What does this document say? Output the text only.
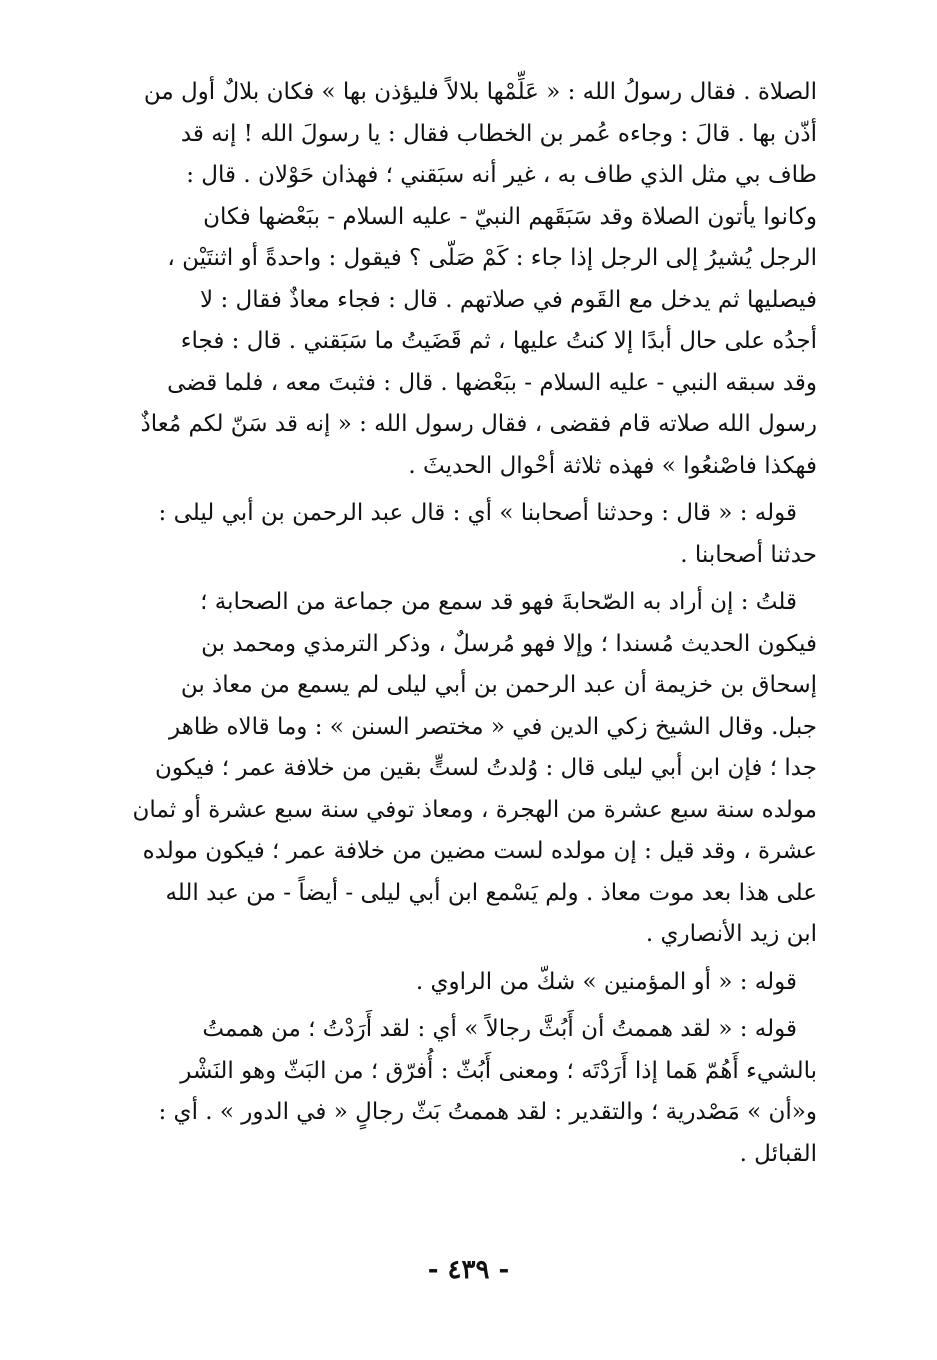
الصلاة . فقال رسولُ الله : « عَلِّمْها بلالاً فليؤذن بها » فكان بلالٌ أول من
أذّن بها . قالَ : وجاءه عُمر بن الخطاب فقال : يا رسولَ الله ! إنه قد
طاف بي مثل الذي طاف به ، غير أنه سبَقني ؛ فهذان حَوْلان . قال :
وكانوا يأتون الصلاة وقد سَبَقَهم النبيّ - عليه السلام - ببَعْضها فكان
الرجل يُشيرُ إلى الرجل إذا جاء : كَمْ صَلّى ؟ فيقول : واحدةً أو اثنتَيْن ،
فيصليها ثم يدخل مع القَوم في صلاتهم . قال : فجاء معاذٌ فقال : لا
أجدُه على حال أبدًا إلا كنتُ عليها ، ثم قَضَيتُ ما سَبَقني . قال : فجاء
وقد سبقه النبي - عليه السلام - ببَعْضها . قال : فثبتَ معه ، فلما قضى
رسول الله صلاته قام فقضى ، فقال رسول الله : « إنه قد سَنّ لكم مُعاذٌ
فهكذا فاصْنعُوا » فهذه ثلاثة أحْوال الحديثَ .

قوله : « قال : وحدثنا أصحابنا » أي : قال عبد الرحمن بن أبي ليلى :
حدثنا أصحابنا .

قلتُ : إن أراد به الصّحابةَ فهو قد سمع من جماعة من الصحابة ؛
فيكون الحديث مُسندا ؛ وإلا فهو مُرسلٌ ، وذكر الترمذي ومحمد بن
إسحاق بن خزيمة أن عبد الرحمن بن أبي ليلى لم يسمع من معاذ بن
جبل. وقال الشيخ زكي الدين في « مختصر السنن » : وما قالاه ظاهر
جدا ؛ فإن ابن أبي ليلى قال : وُلدتُ لستٍّ بقين من خلافة عمر ؛ فيكون
مولده سنة سبع عشرة من الهجرة ، ومعاذ توفي سنة سبع عشرة أو ثمان
عشرة ، وقد قيل : إن مولده لست مضين من خلافة عمر ؛ فيكون مولده
على هذا بعد موت معاذ . ولم يَسْمع ابن أبي ليلى - أيضاً - من عبد الله
ابن زيد الأنصاري .

قوله : « أو المؤمنين » شكّ من الراوي .

قوله : « لقد هممتُ أن أَبُثَّ رجالاً » أي : لقد أَرَدْتُ ؛ من هممتُ
بالشيء أَهُمّ هَما إذا أَرَدْتَه ؛ ومعنى أَبُثّ : أُفرّق ؛ من البَثّ وهو النَشْر
و«أن » مَصْدرية ؛ والتقدير : لقد هممتُ بَثّ رجالٍ « في الدور » . أي :
القبائل .

- ٤٣٩ -
